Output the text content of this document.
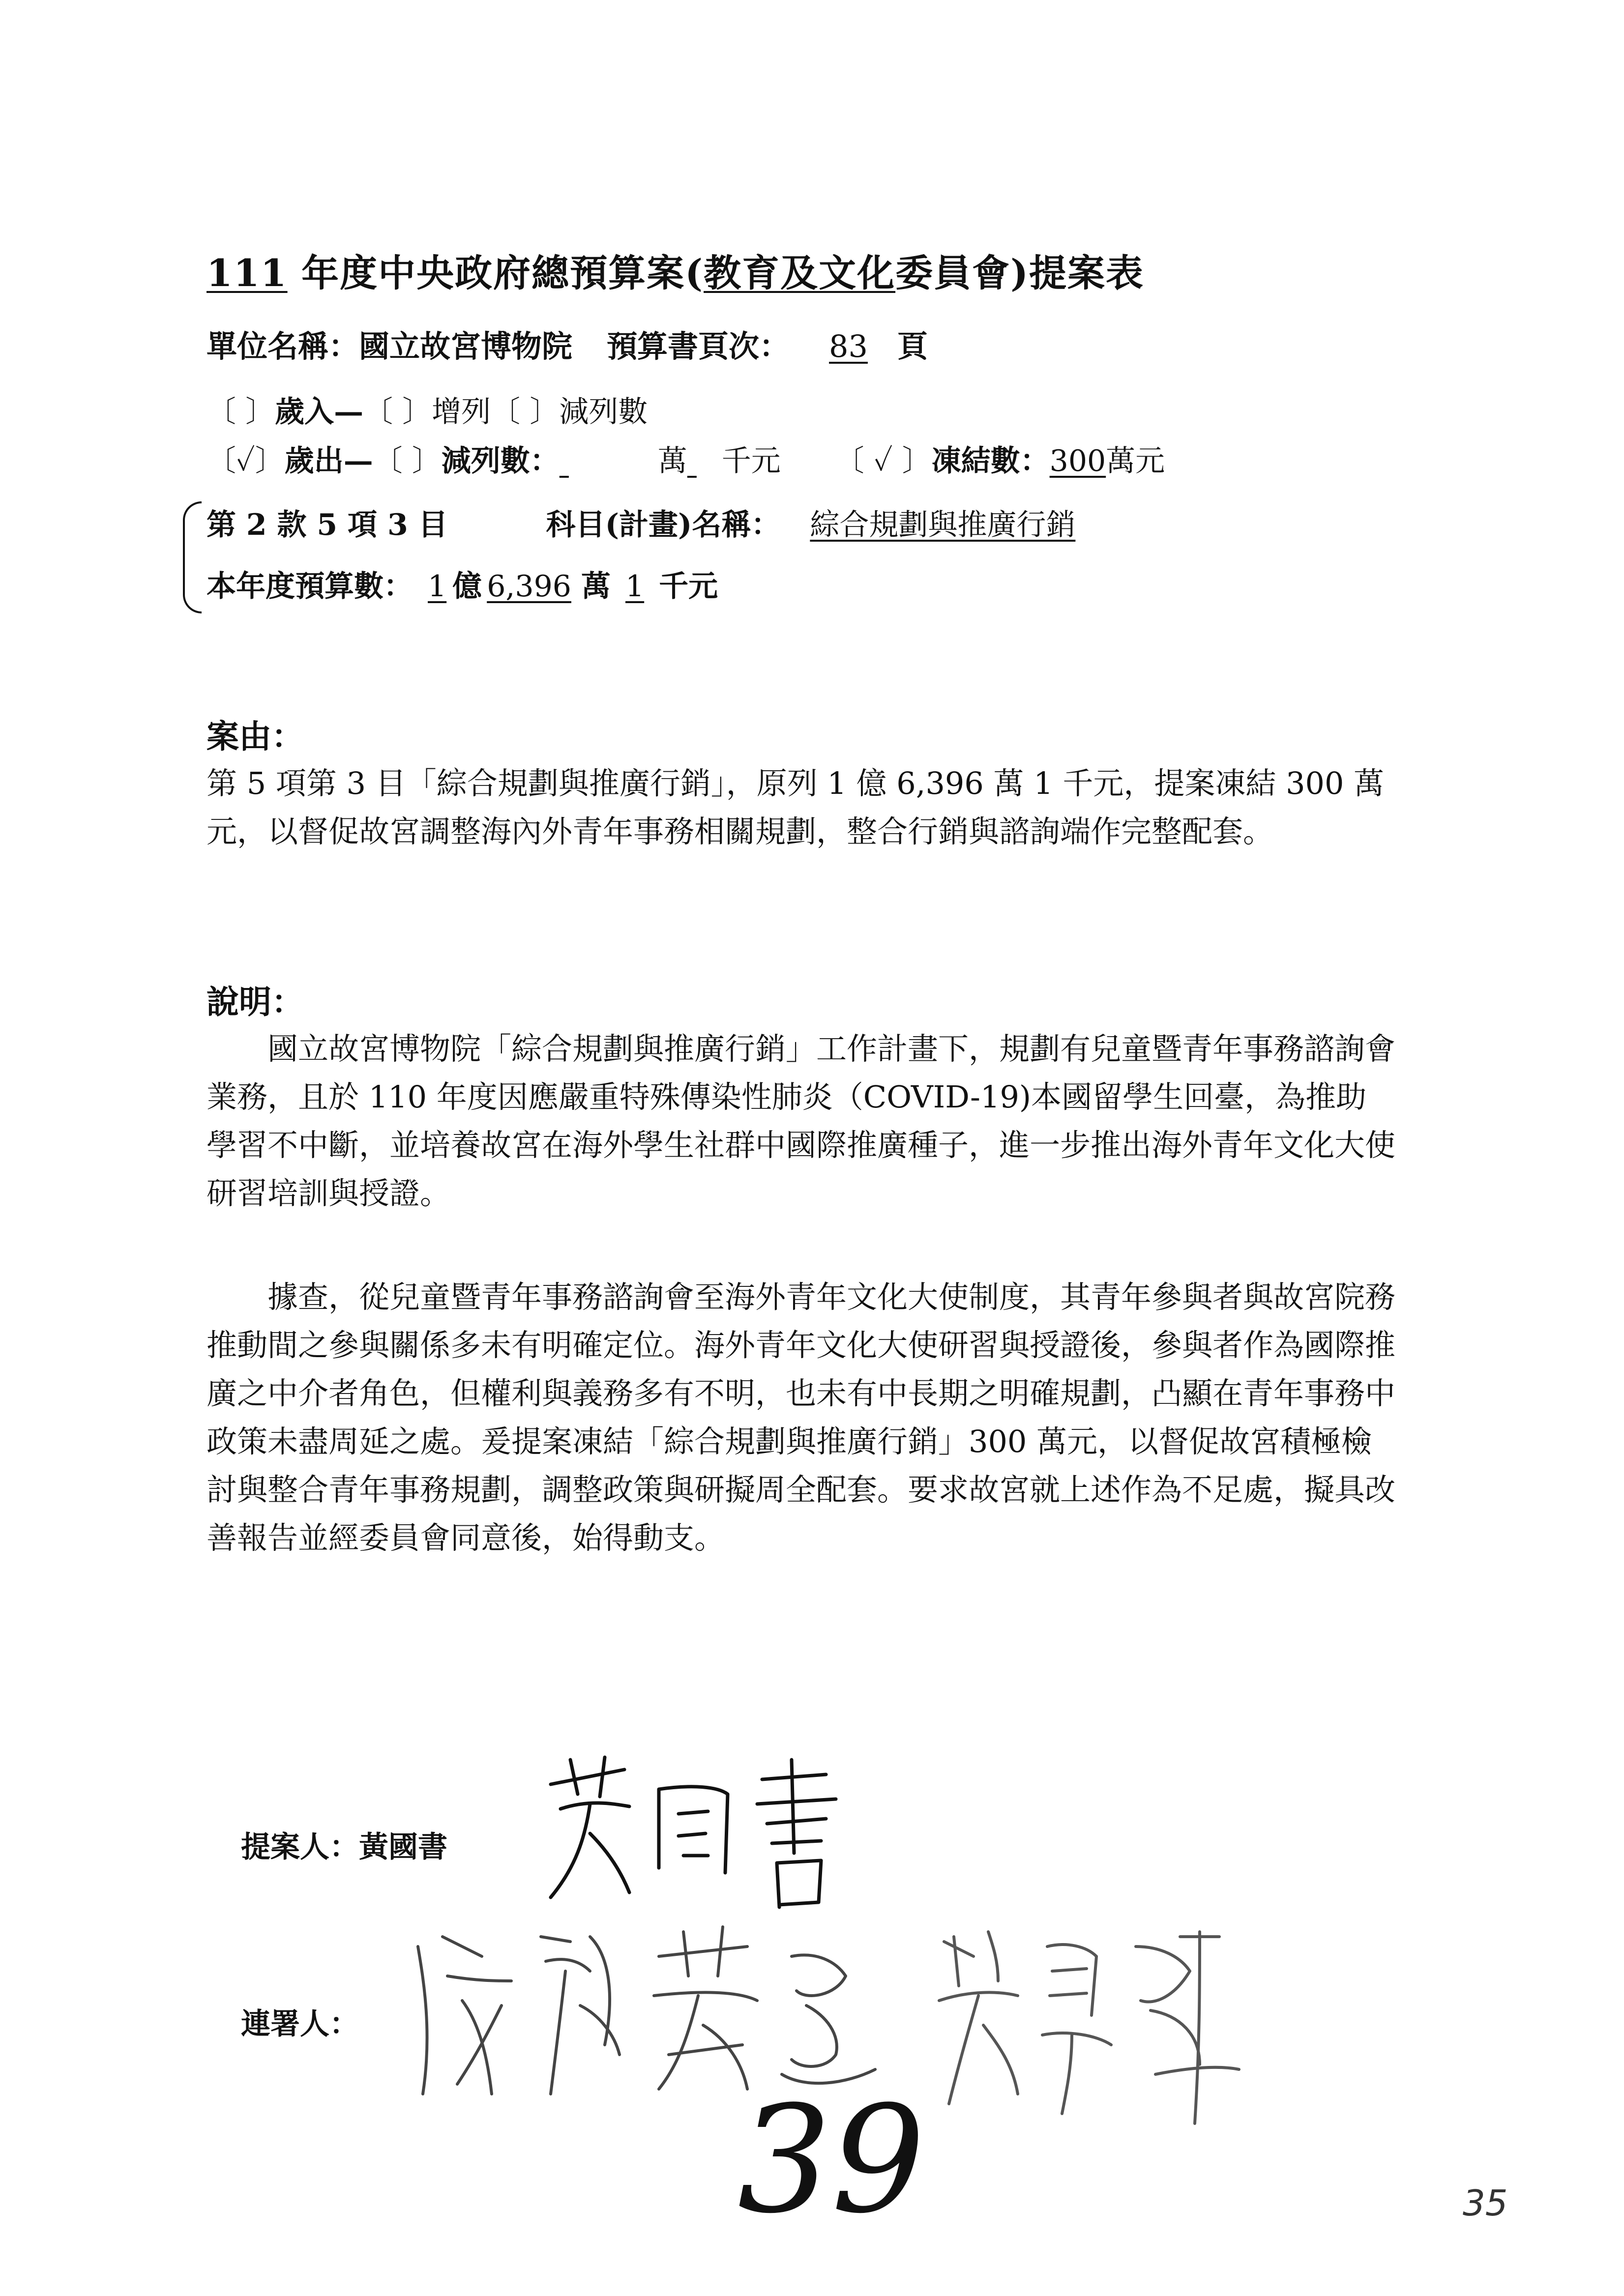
111 年度中央政府總預算案(教育及文化委員會)提案表
單位名稱：國立故宮博物院 預算書頁次： 83 頁
〔 〕歲入—〔 〕增列〔 〕減列數
〔✓〕歲出—〔 〕減列數：	萬 千元 〔 ✓ 〕凍結數：300萬元
第 2 款 5 項 3 目	科目(計畫)名稱： 綜合規劃與推廣行銷
本年度預算數： 1 億 6,396 萬 1 千元
案由：
第 5 項第 3 目「綜合規劃與推廣行銷」，原列 1 億 6,396 萬 1 千元，提案凍結 300 萬元，以督促故宮調整海內外青年事務相關規劃，整合行銷與諮詢端作完整配套。
說明：
國立故宮博物院「綜合規劃與推廣行銷」工作計畫下，規劃有兒童暨青年事務諮詢會業務，且於 110 年度因應嚴重特殊傳染性肺炎（COVID-19)本國留學生回臺，為推助學習不中斷，並培養故宮在海外學生社群中國際推廣種子，進一步推出海外青年文化大使研習培訓與授證。
據查，從兒童暨青年事務諮詢會至海外青年文化大使制度，其青年參與者與故宮院務推動間之參與關係多未有明確定位。海外青年文化大使研習與授證後，參與者作為國際推廣之中介者角色，但權利與義務多有不明，也未有中長期之明確規劃，凸顯在青年事務中政策未盡周延之處。爰提案凍結「綜合規劃與推廣行銷」300 萬元，以督促故宮積極檢討與整合青年事務規劃，調整政策與研擬周全配套。要求故宮就上述作為不足處，擬具改善報告並經委員會同意後，始得動支。
提案人：黃國書
連署人：
39	35
